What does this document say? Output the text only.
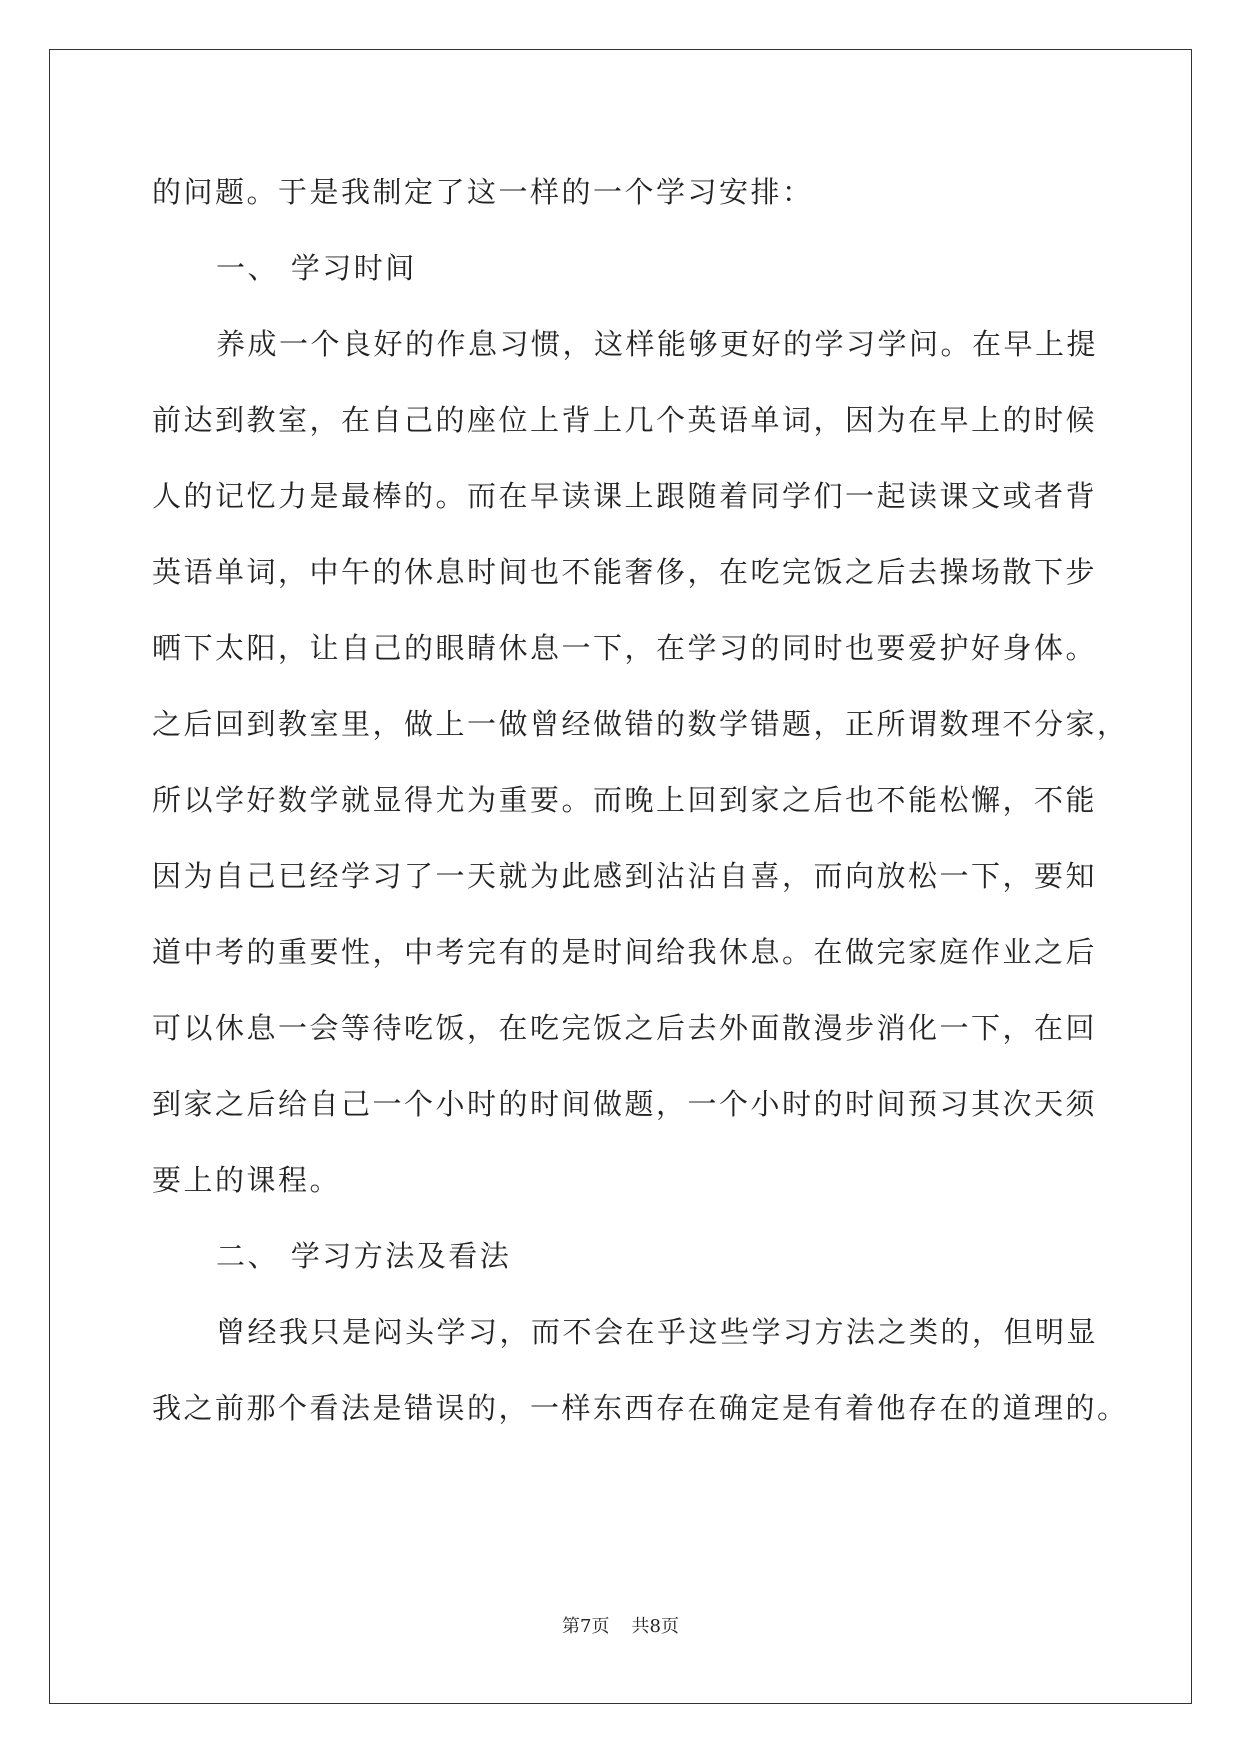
的问题。于是我制定了这一样的一个学习安排：
一、 学习时间
养成一个良好的作息习惯，这样能够更好的学习学问。在早上提
前达到教室，在自己的座位上背上几个英语单词，因为在早上的时候
人的记忆力是最棒的。而在早读课上跟随着同学们一起读课文或者背
英语单词，中午的休息时间也不能奢侈，在吃完饭之后去操场散下步
晒下太阳，让自己的眼睛休息一下，在学习的同时也要爱护好身体。
之后回到教室里，做上一做曾经做错的数学错题，正所谓数理不分家，
所以学好数学就显得尤为重要。而晚上回到家之后也不能松懈，不能
因为自己已经学习了一天就为此感到沾沾自喜，而向放松一下，要知
道中考的重要性，中考完有的是时间给我休息。在做完家庭作业之后
可以休息一会等待吃饭，在吃完饭之后去外面散漫步消化一下，在回
到家之后给自己一个小时的时间做题，一个小时的时间预习其次天须
要上的课程。
二、 学习方法及看法
曾经我只是闷头学习，而不会在乎这些学习方法之类的，但明显
我之前那个看法是错误的，一样东西存在确定是有着他存在的道理的。
第7页 共8页
